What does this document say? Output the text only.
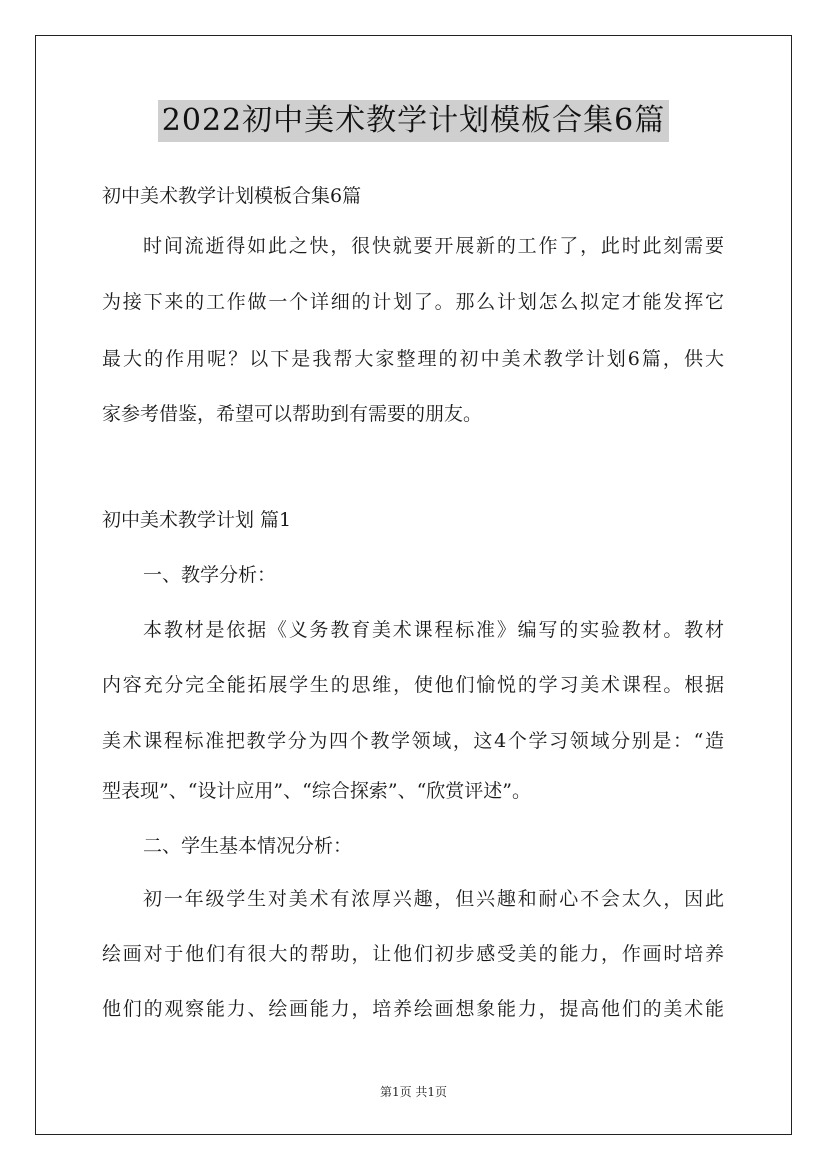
2022初中美术教学计划模板合集6篇
初中美术教学计划模板合集6篇
时间流逝得如此之快，很快就要开展新的工作了，此时此刻需要
为接下来的工作做一个详细的计划了。那么计划怎么拟定才能发挥它
最大的作用呢？以下是我帮大家整理的初中美术教学计划6篇，供大
家参考借鉴，希望可以帮助到有需要的朋友。
初中美术教学计划 篇1
一、教学分析：
本教材是依据《义务教育美术课程标准》编写的实验教材。教材
内容充分完全能拓展学生的思维，使他们愉悦的学习美术课程。根据
美术课程标准把教学分为四个教学领域，这4个学习领域分别是：“造
型表现”、“设计应用”、“综合探索”、“欣赏评述”。
二、学生基本情况分析：
初一年级学生对美术有浓厚兴趣，但兴趣和耐心不会太久，因此
绘画对于他们有很大的帮助，让他们初步感受美的能力，作画时培养
他们的观察能力、绘画能力，培养绘画想象能力，提高他们的美术能
第1页 共1页
